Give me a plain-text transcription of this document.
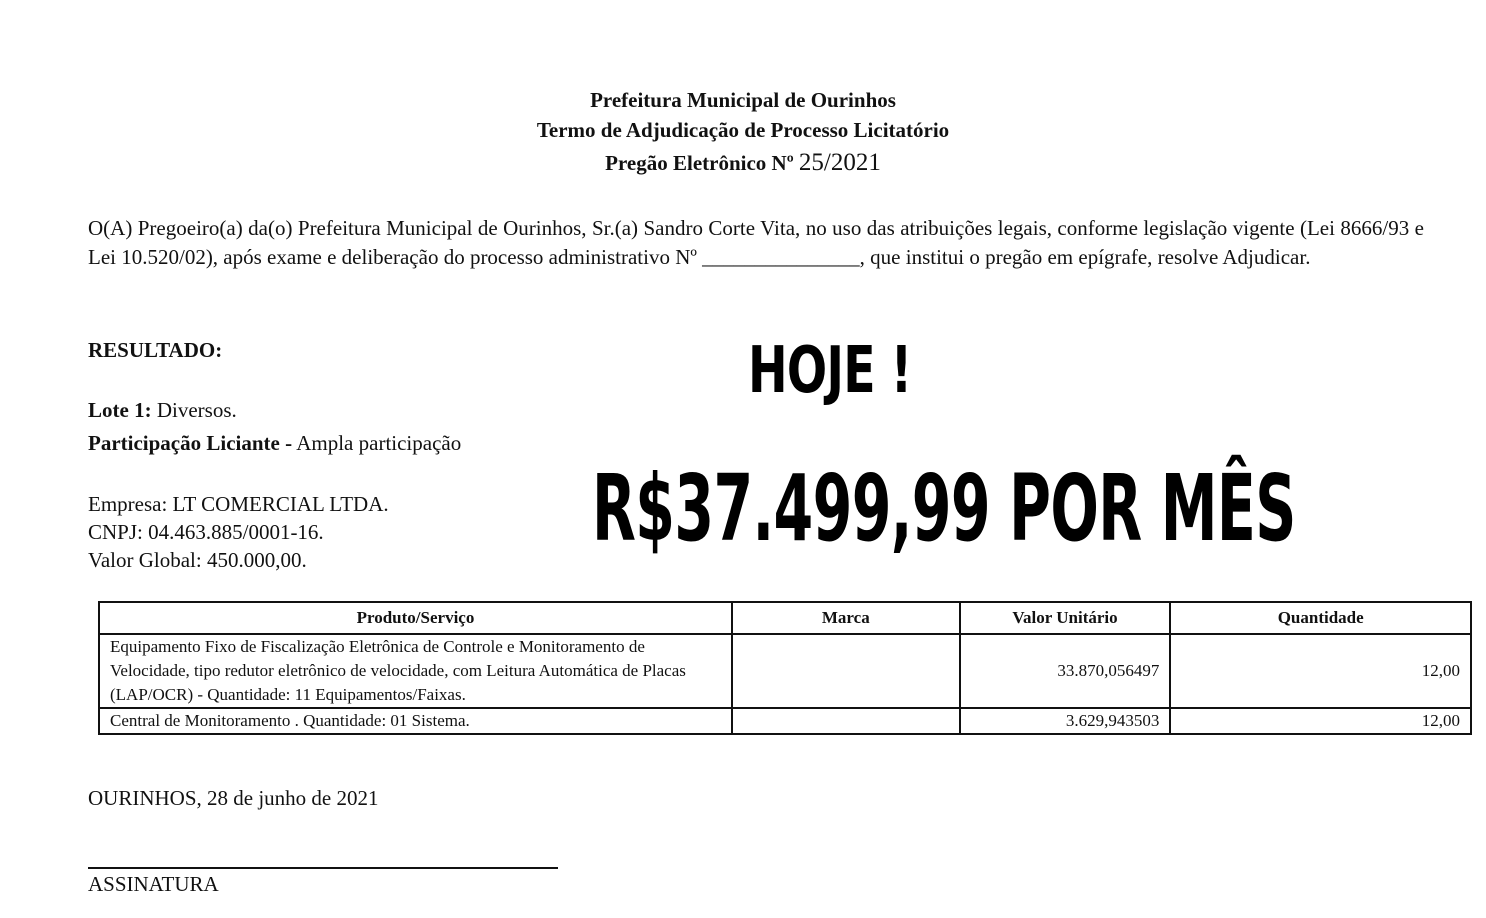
Prefeitura Municipal de Ourinhos
Termo de Adjudicação de Processo Licitatório
Pregão Eletrônico Nº 25/2021
O(A) Pregoeiro(a) da(o) Prefeitura Municipal de Ourinhos, Sr.(a) Sandro Corte Vita, no uso das atribuições legais, conforme legislação vigente (Lei 8666/93 e Lei 10.520/02), após exame e deliberação do processo administrativo Nº _______________, que institui o pregão em epígrafe, resolve Adjudicar.
RESULTADO:
Lote 1: Diversos.
Participação Liciante - Ampla participação
Empresa: LT COMERCIAL LTDA.
CNPJ: 04.463.885/0001-16.
Valor Global: 450.000,00.
HOJE !
R$37.499,99 POR MÊS
Produto/Serviço	Marca	Valor Unitário	Quantidade
Equipamento Fixo de Fiscalização Eletrônica de Controle e Monitoramento de Velocidade, tipo redutor eletrônico de velocidade, com Leitura Automática de Placas (LAP/OCR) - Quantidade: 11 Equipamentos/Faixas.		33.870,056497	12,00
Central de Monitoramento . Quantidade: 01 Sistema.		3.629,943503	12,00
OURINHOS, 28 de junho de 2021
ASSINATURA
